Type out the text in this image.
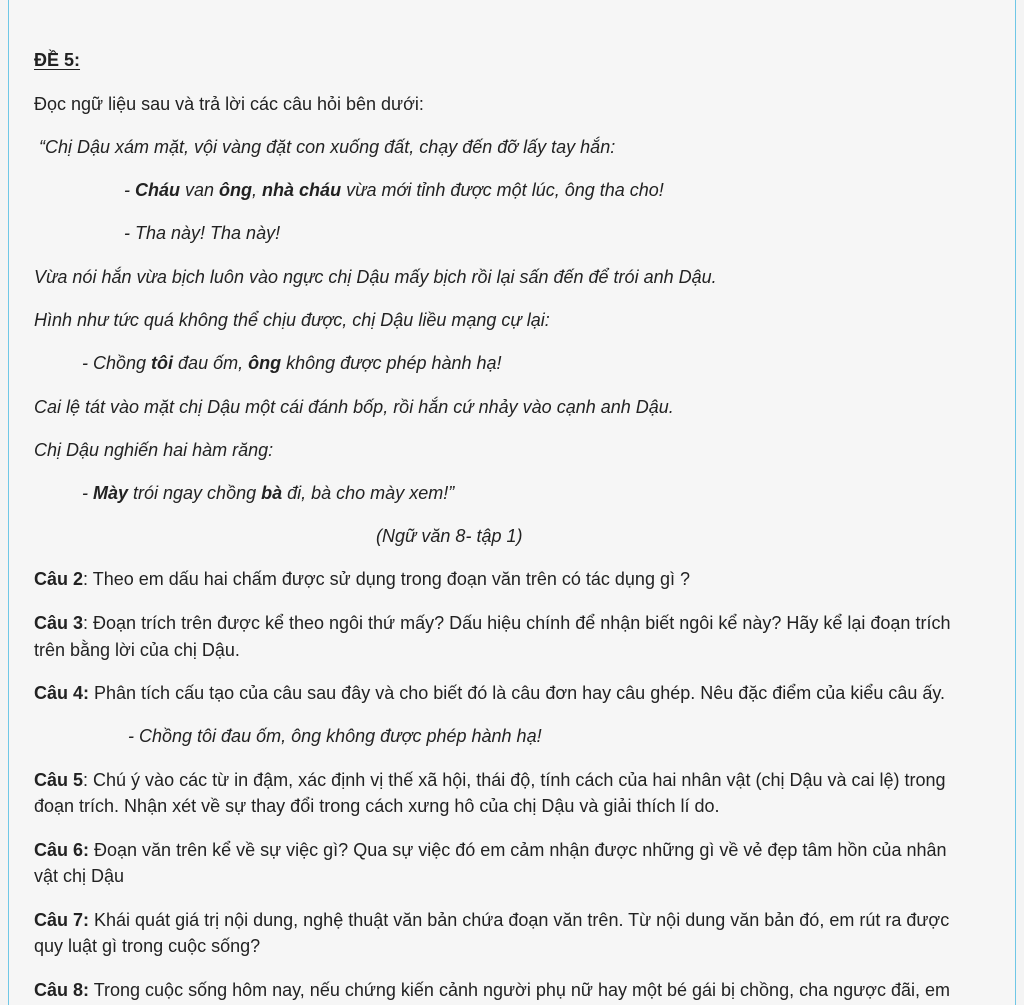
ĐỀ 5:
Đọc ngữ liệu sau và trả lời các câu hỏi bên dưới:
“Chị Dậu xám mặt, vội vàng đặt con xuống đất, chạy đến đỡ lấy tay hắn:
- Cháu van ông, nhà cháu vừa mới tỉnh được một lúc, ông tha cho!
- Tha này! Tha này!
Vừa nói hắn vừa bịch luôn vào ngực chị Dậu mấy bịch rồi lại sấn đến để trói anh Dậu.
Hình như tức quá không thể chịu được, chị Dậu liều mạng cự lại:
- Chồng tôi đau ốm, ông không được phép hành hạ!
Cai lệ tát vào mặt chị Dậu một cái đánh bốp, rồi hắn cứ nhảy vào cạnh anh Dậu.
Chị Dậu nghiến hai hàm răng:
- Mày trói ngay chồng bà đi, bà cho mày xem!”
(Ngữ văn 8- tập 1)
Câu 2: Theo em dấu hai chấm được sử dụng trong đoạn văn trên có tác dụng gì ?
Câu 3: Đoạn trích trên được kể theo ngôi thứ mấy? Dấu hiệu chính để nhận biết ngôi kể này? Hãy kể lại đoạn trích
trên bằng lời của chị Dậu.
Câu 4: Phân tích cấu tạo của câu sau đây và cho biết đó là câu đơn hay câu ghép. Nêu đặc điểm của kiểu câu ấy.
- Chồng tôi đau ốm, ông không được phép hành hạ!
Câu 5: Chú ý vào các từ in đậm, xác định vị thế xã hội, thái độ, tính cách của hai nhân vật (chị Dậu và cai lệ) trong
đoạn trích. Nhận xét về sự thay đổi trong cách xưng hô của chị Dậu và giải thích lí do.
Câu 6: Đoạn văn trên kể về sự việc gì? Qua sự việc đó em cảm nhận được những gì về vẻ đẹp tâm hồn của nhân
vật chị Dậu
Câu 7: Khái quát giá trị nội dung, nghệ thuật văn bản chứa đoạn văn trên. Từ nội dung văn bản đó, em rút ra được
quy luật gì trong cuộc sống?
Câu 8: Trong cuộc sống hôm nay, nếu chứng kiến cảnh người phụ nữ hay một bé gái bị chồng, cha ngược đãi, em
